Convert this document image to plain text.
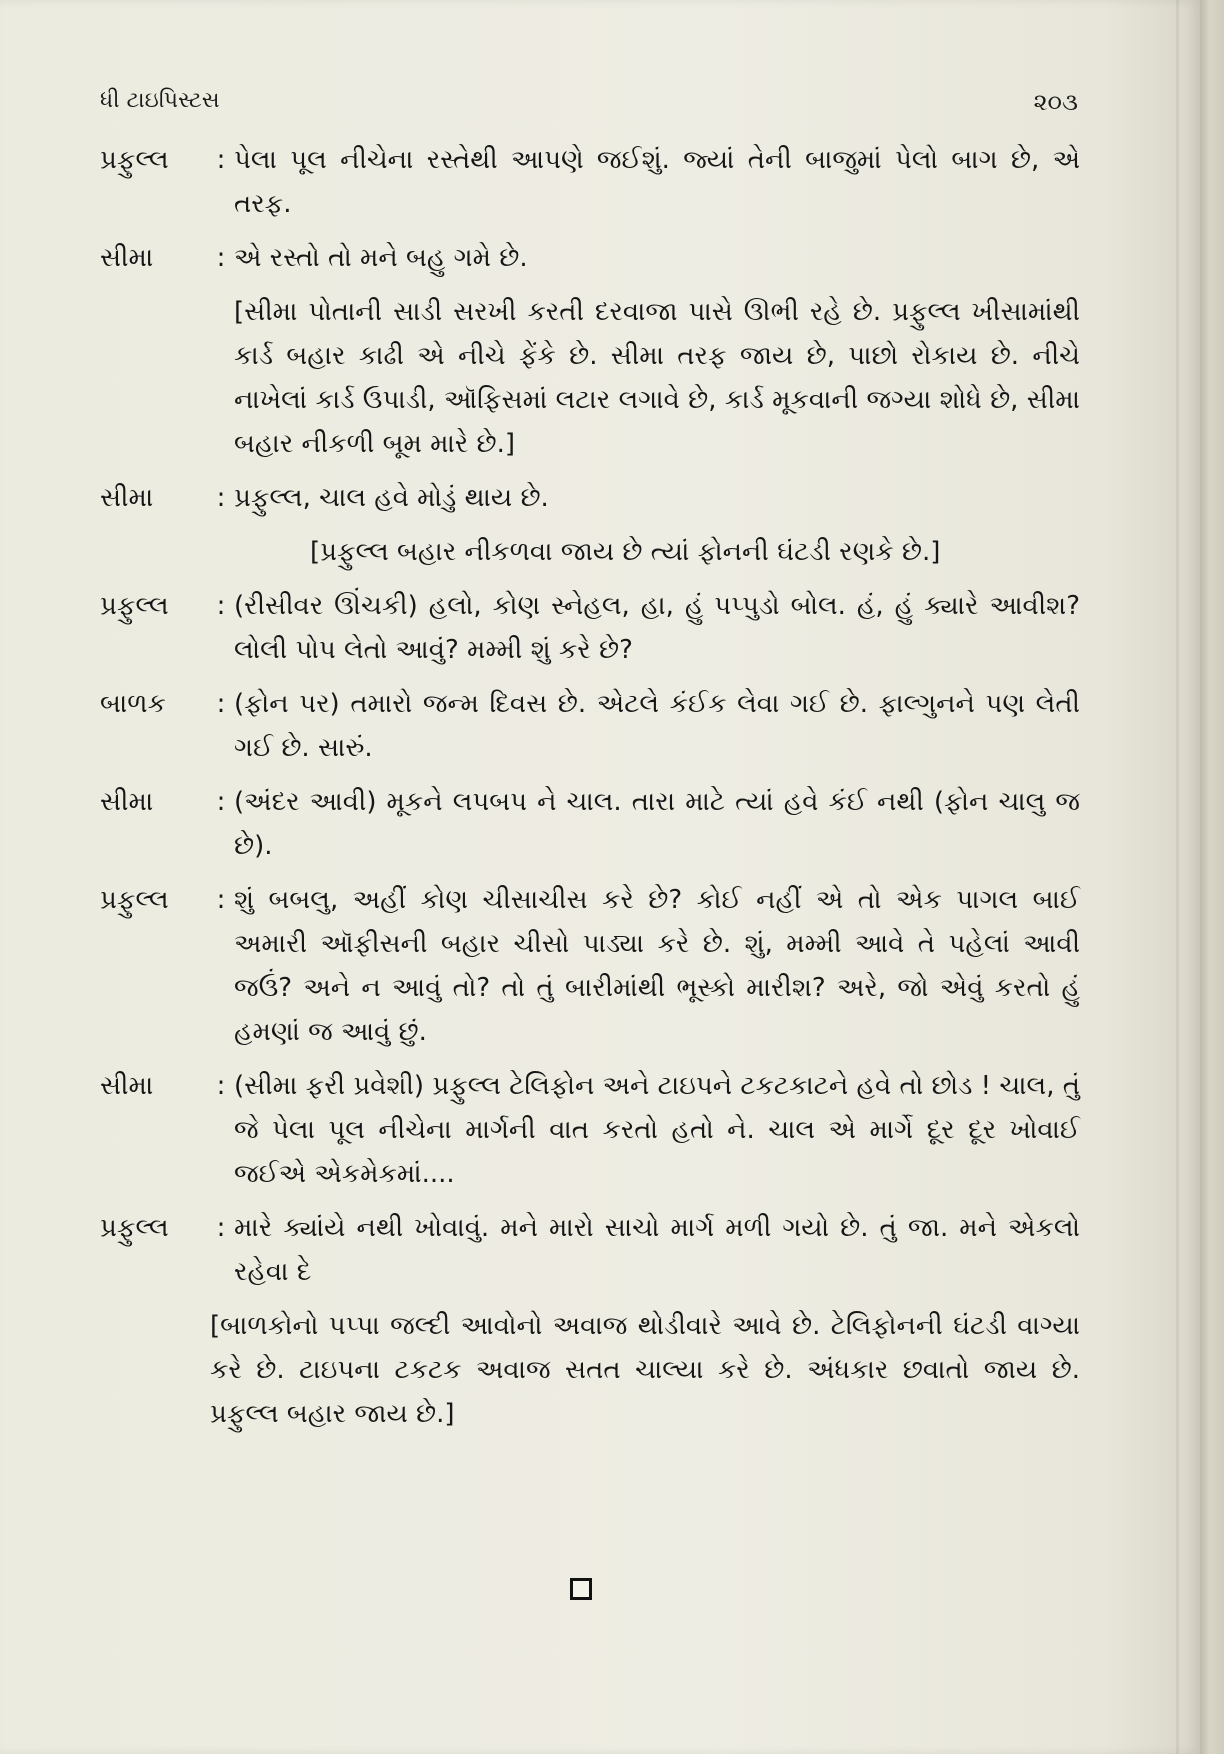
ધી ટાઇપિસ્ટસ	૨૦૩
પ્રફુલ્લ	: પેલા પૂલ નીચેના રસ્તેથી આપણે જઈશું. જ્યાં તેની બાજુમાં પેલો બાગ છે, એ તરફ.
સીમા	: એ રસ્તો તો મને બહુ ગમે છે.
[સીમા પોતાની સાડી સરખી કરતી દરવાજા પાસે ઊભી રહે છે. પ્રફુલ્લ ખીસામાંથી કાર્ડ બહાર કાઢી એ નીચે ફેંકે છે. સીમા તરફ જાય છે, પાછો રોકાય છે. નીચે નાખેલાં કાર્ડ ઉપાડી, ઑફિસમાં લટાર લગાવે છે, કાર્ડ મૂકવાની જગ્યા શોધે છે, સીમા બહાર નીકળી બૂમ મારે છે.]
સીમા	: પ્રફુલ્લ, ચાલ હવે મોડું થાય છે.
[પ્રફુલ્લ બહાર નીકળવા જાય છે ત્યાં ફોનની ઘંટડી રણકે છે.]
પ્રફુલ્લ	: (રીસીવર ઊંચકી) હલો, કોણ સ્નેહલ, હા, હું પપ્પુડો બોલ. હં, હું ક્યારે આવીશ? લોલી પોપ લેતો આવું? મમ્મી શું કરે છે?
બાળક	: (ફોન પર) તમારો જન્મ દિવસ છે. એટલે કંઈક લેવા ગઈ છે. ફાલ્ગુનને પણ લેતી ગઈ છે. સારું.
સીમા	: (અંદર આવી) મૂકને લપબપ ને ચાલ. તારા માટે ત્યાં હવે કંઈ નથી (ફોન ચાલુ જ છે).
પ્રફુલ્લ	: શું બબલુ, અહીં કોણ ચીસાચીસ કરે છે? કોઈ નહીં એ તો એક પાગલ બાઈ અમારી ઑફીસની બહાર ચીસો પાડ્યા કરે છે. શું, મમ્મી આવે તે પહેલાં આવી જઉં? અને ન આવું તો? તો તું બારીમાંથી ભૂસ્કો મારીશ? અરે, જો એવું કરતો હું હમણાં જ આવું છું.
સીમા	: (સીમા ફરી પ્રવેશી) પ્રફુલ્લ ટેલિફોન અને ટાઇપને ટકટકાટને હવે તો છોડ ! ચાલ, તું જે પેલા પૂલ નીચેના માર્ગની વાત કરતો હતો ને. ચાલ એ માર્ગે દૂર દૂર ખોવાઈ જઈએ એકમેકમાં....
પ્રફુલ્લ	: મારે ક્યાંયે નથી ખોવાવું. મને મારો સાચો માર્ગ મળી ગયો છે. તું જા. મને એકલો રહેવા દે
[બાળકોનો પપ્પા જલ્દી આવોનો અવાજ થોડીવારે આવે છે. ટેલિફોનની ઘંટડી વાગ્યા કરે છે. ટાઇપના ટકટક અવાજ સતત ચાલ્યા કરે છે. અંધકાર છવાતો જાય છે. પ્રફુલ્લ બહાર જાય છે.]
